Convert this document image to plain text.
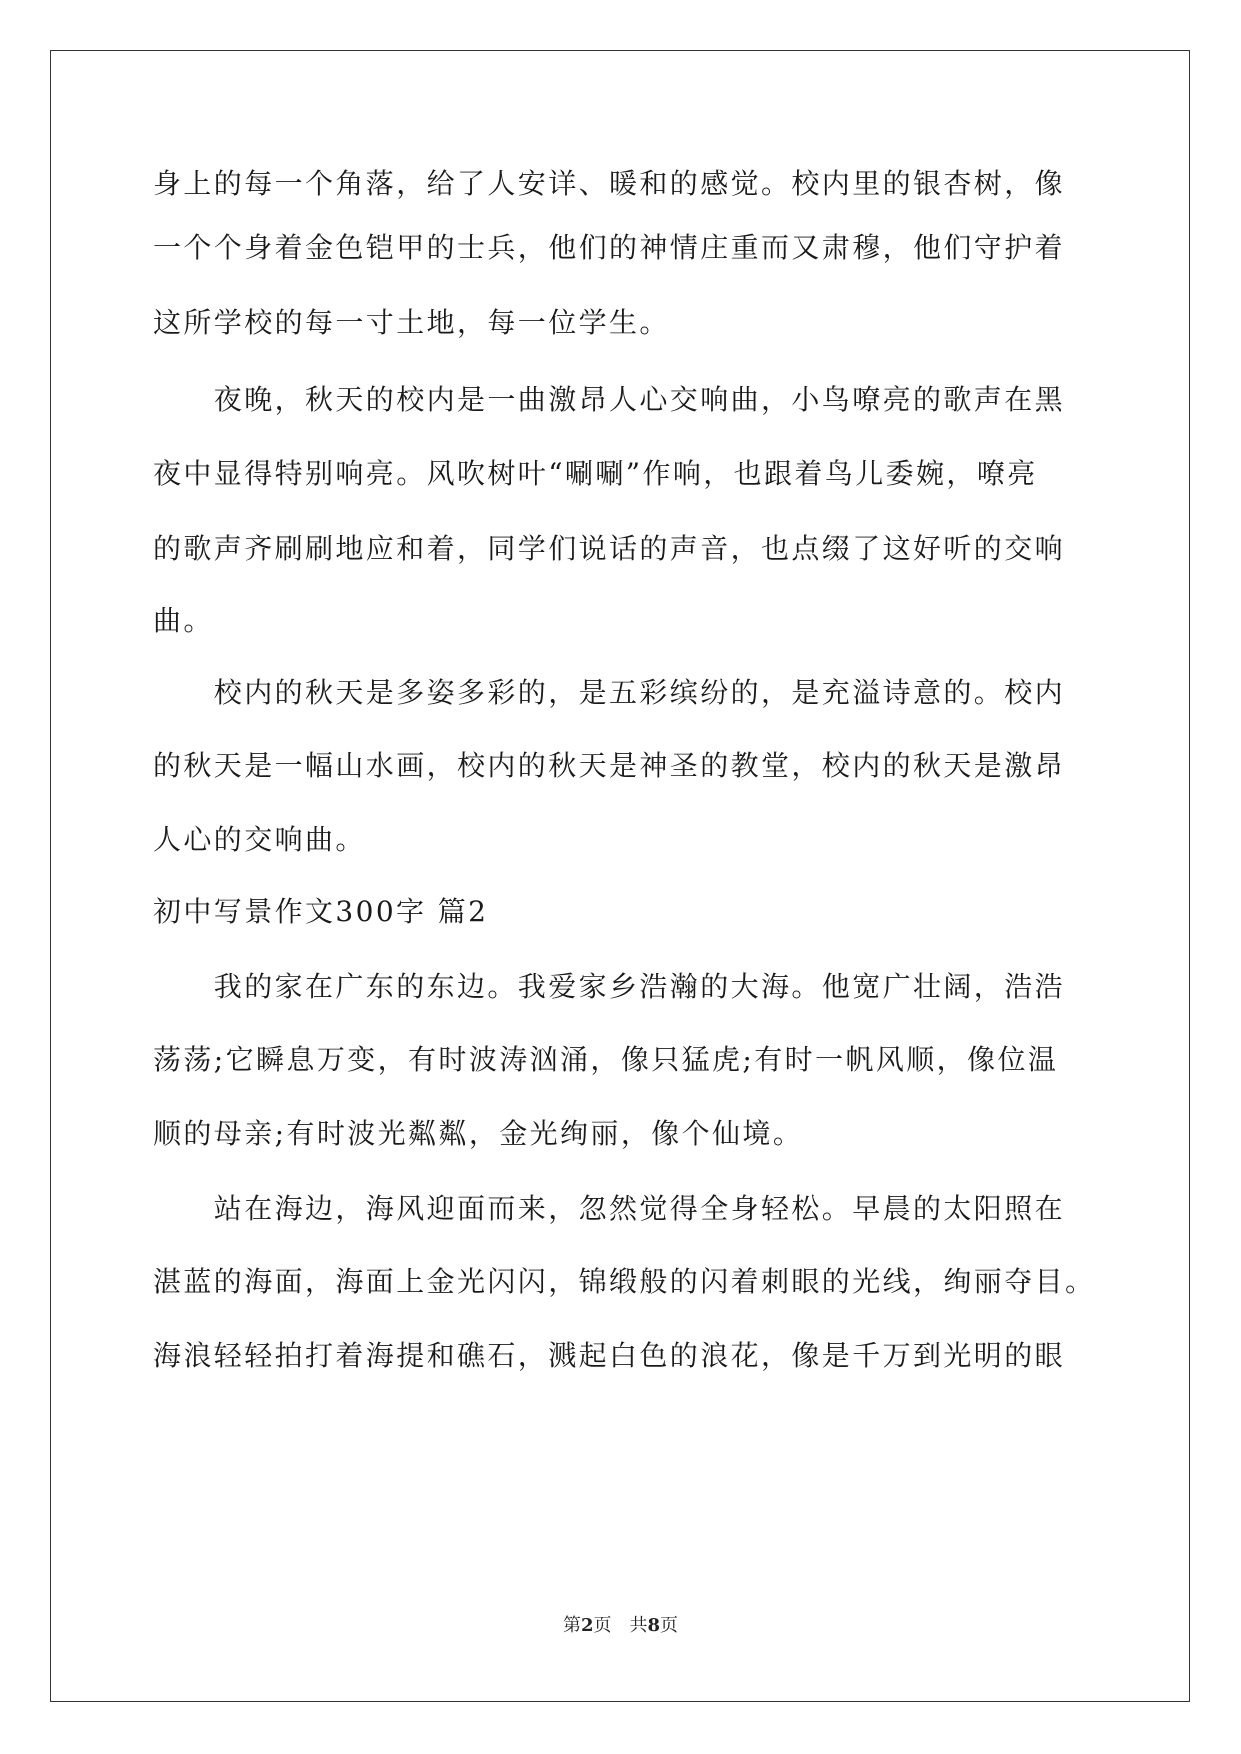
身上的每一个角落，给了人安详、暖和的感觉。校内里的银杏树，像
一个个身着金色铠甲的士兵，他们的神情庄重而又肃穆，他们守护着
这所学校的每一寸土地，每一位学生。
　　夜晚，秋天的校内是一曲激昂人心交响曲，小鸟嘹亮的歌声在黑
夜中显得特别响亮。风吹树叶“唰唰”作响，也跟着鸟儿委婉，嘹亮
的歌声齐刷刷地应和着，同学们说话的声音，也点缀了这好听的交响
曲。
　　校内的秋天是多姿多彩的，是五彩缤纷的，是充溢诗意的。校内
的秋天是一幅山水画，校内的秋天是神圣的教堂，校内的秋天是激昂
人心的交响曲。
初中写景作文300字 篇2
　　我的家在广东的东边。我爱家乡浩瀚的大海。他宽广壮阔，浩浩
荡荡;它瞬息万变，有时波涛汹涌，像只猛虎;有时一帆风顺，像位温
顺的母亲;有时波光粼粼，金光绚丽，像个仙境。
　　站在海边，海风迎面而来，忽然觉得全身轻松。早晨的太阳照在
湛蓝的海面，海面上金光闪闪，锦缎般的闪着刺眼的光线，绚丽夺目。
海浪轻轻拍打着海提和礁石，溅起白色的浪花，像是千万到光明的眼
第2页　共8页
